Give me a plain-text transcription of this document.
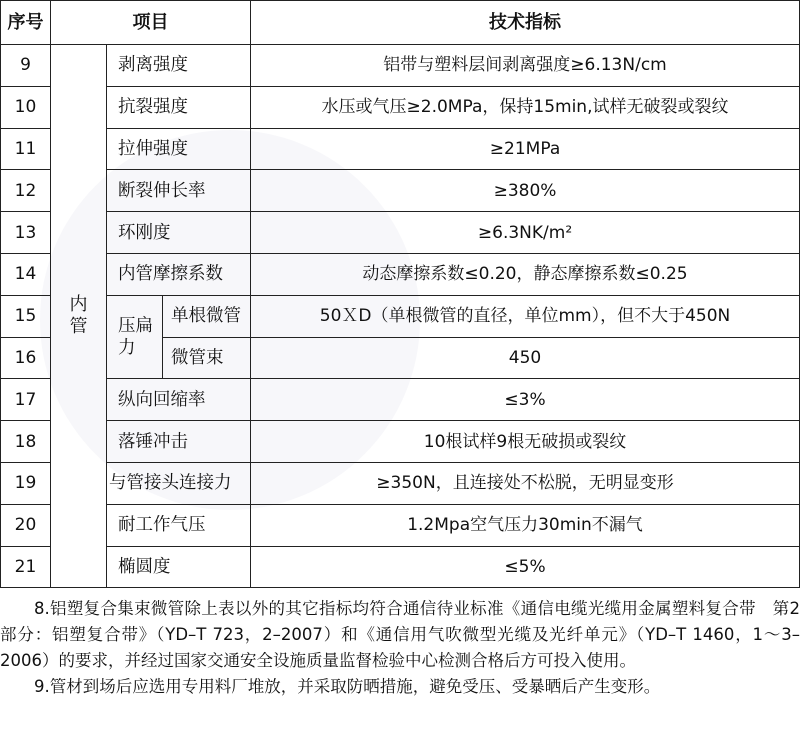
序号	项目			技术指标
9	内管	剥离强度		铝带与塑料层间剥离强度≥6.13N/cm
10		抗裂强度		水压或气压≥2.0MPa，保持15min,试样无破裂或裂纹
11		拉伸强度		≥21MPa
12		断裂伸长率		≥380%
13		环刚度		≥6.3NK/m²
14		内管摩擦系数		动态摩擦系数≤0.20，静态摩擦系数≤0.25
15		压扁力	单根微管	50ＸD（单根微管的直径，单位mm），但不大于450N
16			微管束	450
17		纵向回缩率		≤3%
18		落锤冲击		10根试样9根无破损或裂纹
19		与管接头连接力		≥350N，且连接处不松脱，无明显变形
20		耐工作气压		1.2Mpa空气压力30min不漏气
21		椭圆度		≤5%

8.铝塑复合集束微管除上表以外的其它指标均符合通信待业标准《通信电缆光缆用金属塑料复合带　第2部分：铝塑复合带》（YD–T 723，2–2007）和《通信用气吹微型光缆及光纤单元》（YD–T 1460，1～3–2006）的要求，并经过国家交通安全设施质量监督检验中心检测合格后方可投入使用。

9.管材到场后应选用专用料厂堆放，并采取防晒措施，避免受压、受暴晒后产生变形。
